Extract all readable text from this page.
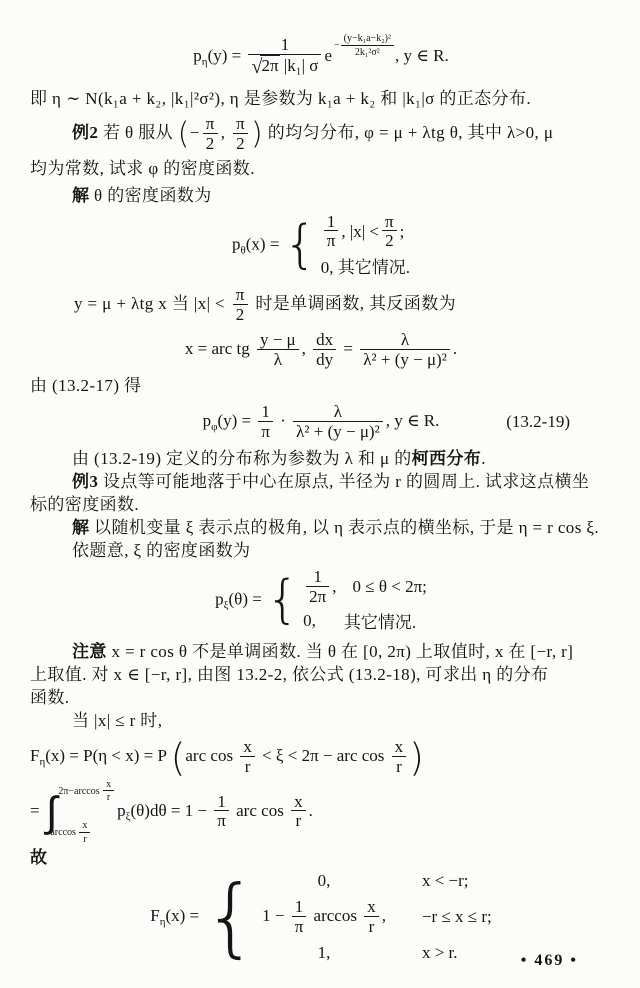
$p_\eta(y) = \frac{1}{\text{√2π |k₁| σ}} e- \frac{\text{(y−k₁a−k₂)²}}{\text{2k₁²σ²}}$ , y ∈ R.
即 η ∼ N(k₁a + k₂, |k₁|²σ²), η 是参数为 k₁a + k₂ 和 |k₁|σ 的正态分布.
例2 若 θ 服从 (− $\frac{\pi}{2}$ , $\frac{\pi}{2}$ ) 的均匀分布, φ = μ + λtg θ, 其中 λ>0, μ
均为常数, 试求 φ 的密度函数.
解 θ 的密度函数为
$p_\theta(x)$ = { $\frac{1}{\pi}$ , $|x| < \frac{\pi}{2}$ ;
0, 其它情况.
y = μ + λtg x 当 $|x| < \frac{\pi}{2}$ 时是单调函数, 其反函数为
x = arc tg $\frac{y - \mu}{\lambda}$ , $\frac{dx}{dy} = \frac{\lambda}{\text{λ² + (y − μ)²}}$ .
由 (13.2-17) 得
$p_\varphi(y) = \frac{1}{\pi} \cdot \frac{\lambda}{\text{λ² + (y − μ)²}}$ , y ∈ R.	(13.2-19)
由 (13.2-19) 定义的分布称为参数为 λ 和 μ 的柯西分布.
例3 设点等可能地落于中心在原点, 半径为 r 的圆周上. 试求这点横坐
标的密度函数.
解 以随机变量 ξ 表示点的极角, 以 η 表示点的横坐标, 于是 η = r cos ξ.
依题意, ξ 的密度函数为
$p_\xi(\theta)$ = { $\frac{1}{2\pi}$ , 0 ≤ θ < 2π;
0, 其它情况.
注意 x = r cos θ 不是单调函数. 当 θ 在 [0, 2π) 上取值时, x 在 [−r, r]
上取值. 对 x ∈ [−r, r], 由图 13.2-2, 依公式 (13.2-18), 可求出 η 的分布
函数.
当 |x| ≤ r 时,
$F_\eta(x) = P(\eta < x) = P$ (arc $\cos \frac{x}{r} < \xi < 2\pi$ − arc $\cos \frac{x}{r}$ )
= ∫ $2\pi-\arccos \frac{x}{r}$
$\arccos \frac{x}{r}$
$p_\xi(\theta)d\theta = 1 - \frac{1}{\pi}$ arc $\cos \frac{x}{r}$ .
故
$F_\eta(x)$ = {	0,	x < −r;
$1 - \frac{1}{\pi}$ $\arccos \frac{x}{r}$ , −r ≤ x ≤ r;
1,	x > r.	• 469 •
